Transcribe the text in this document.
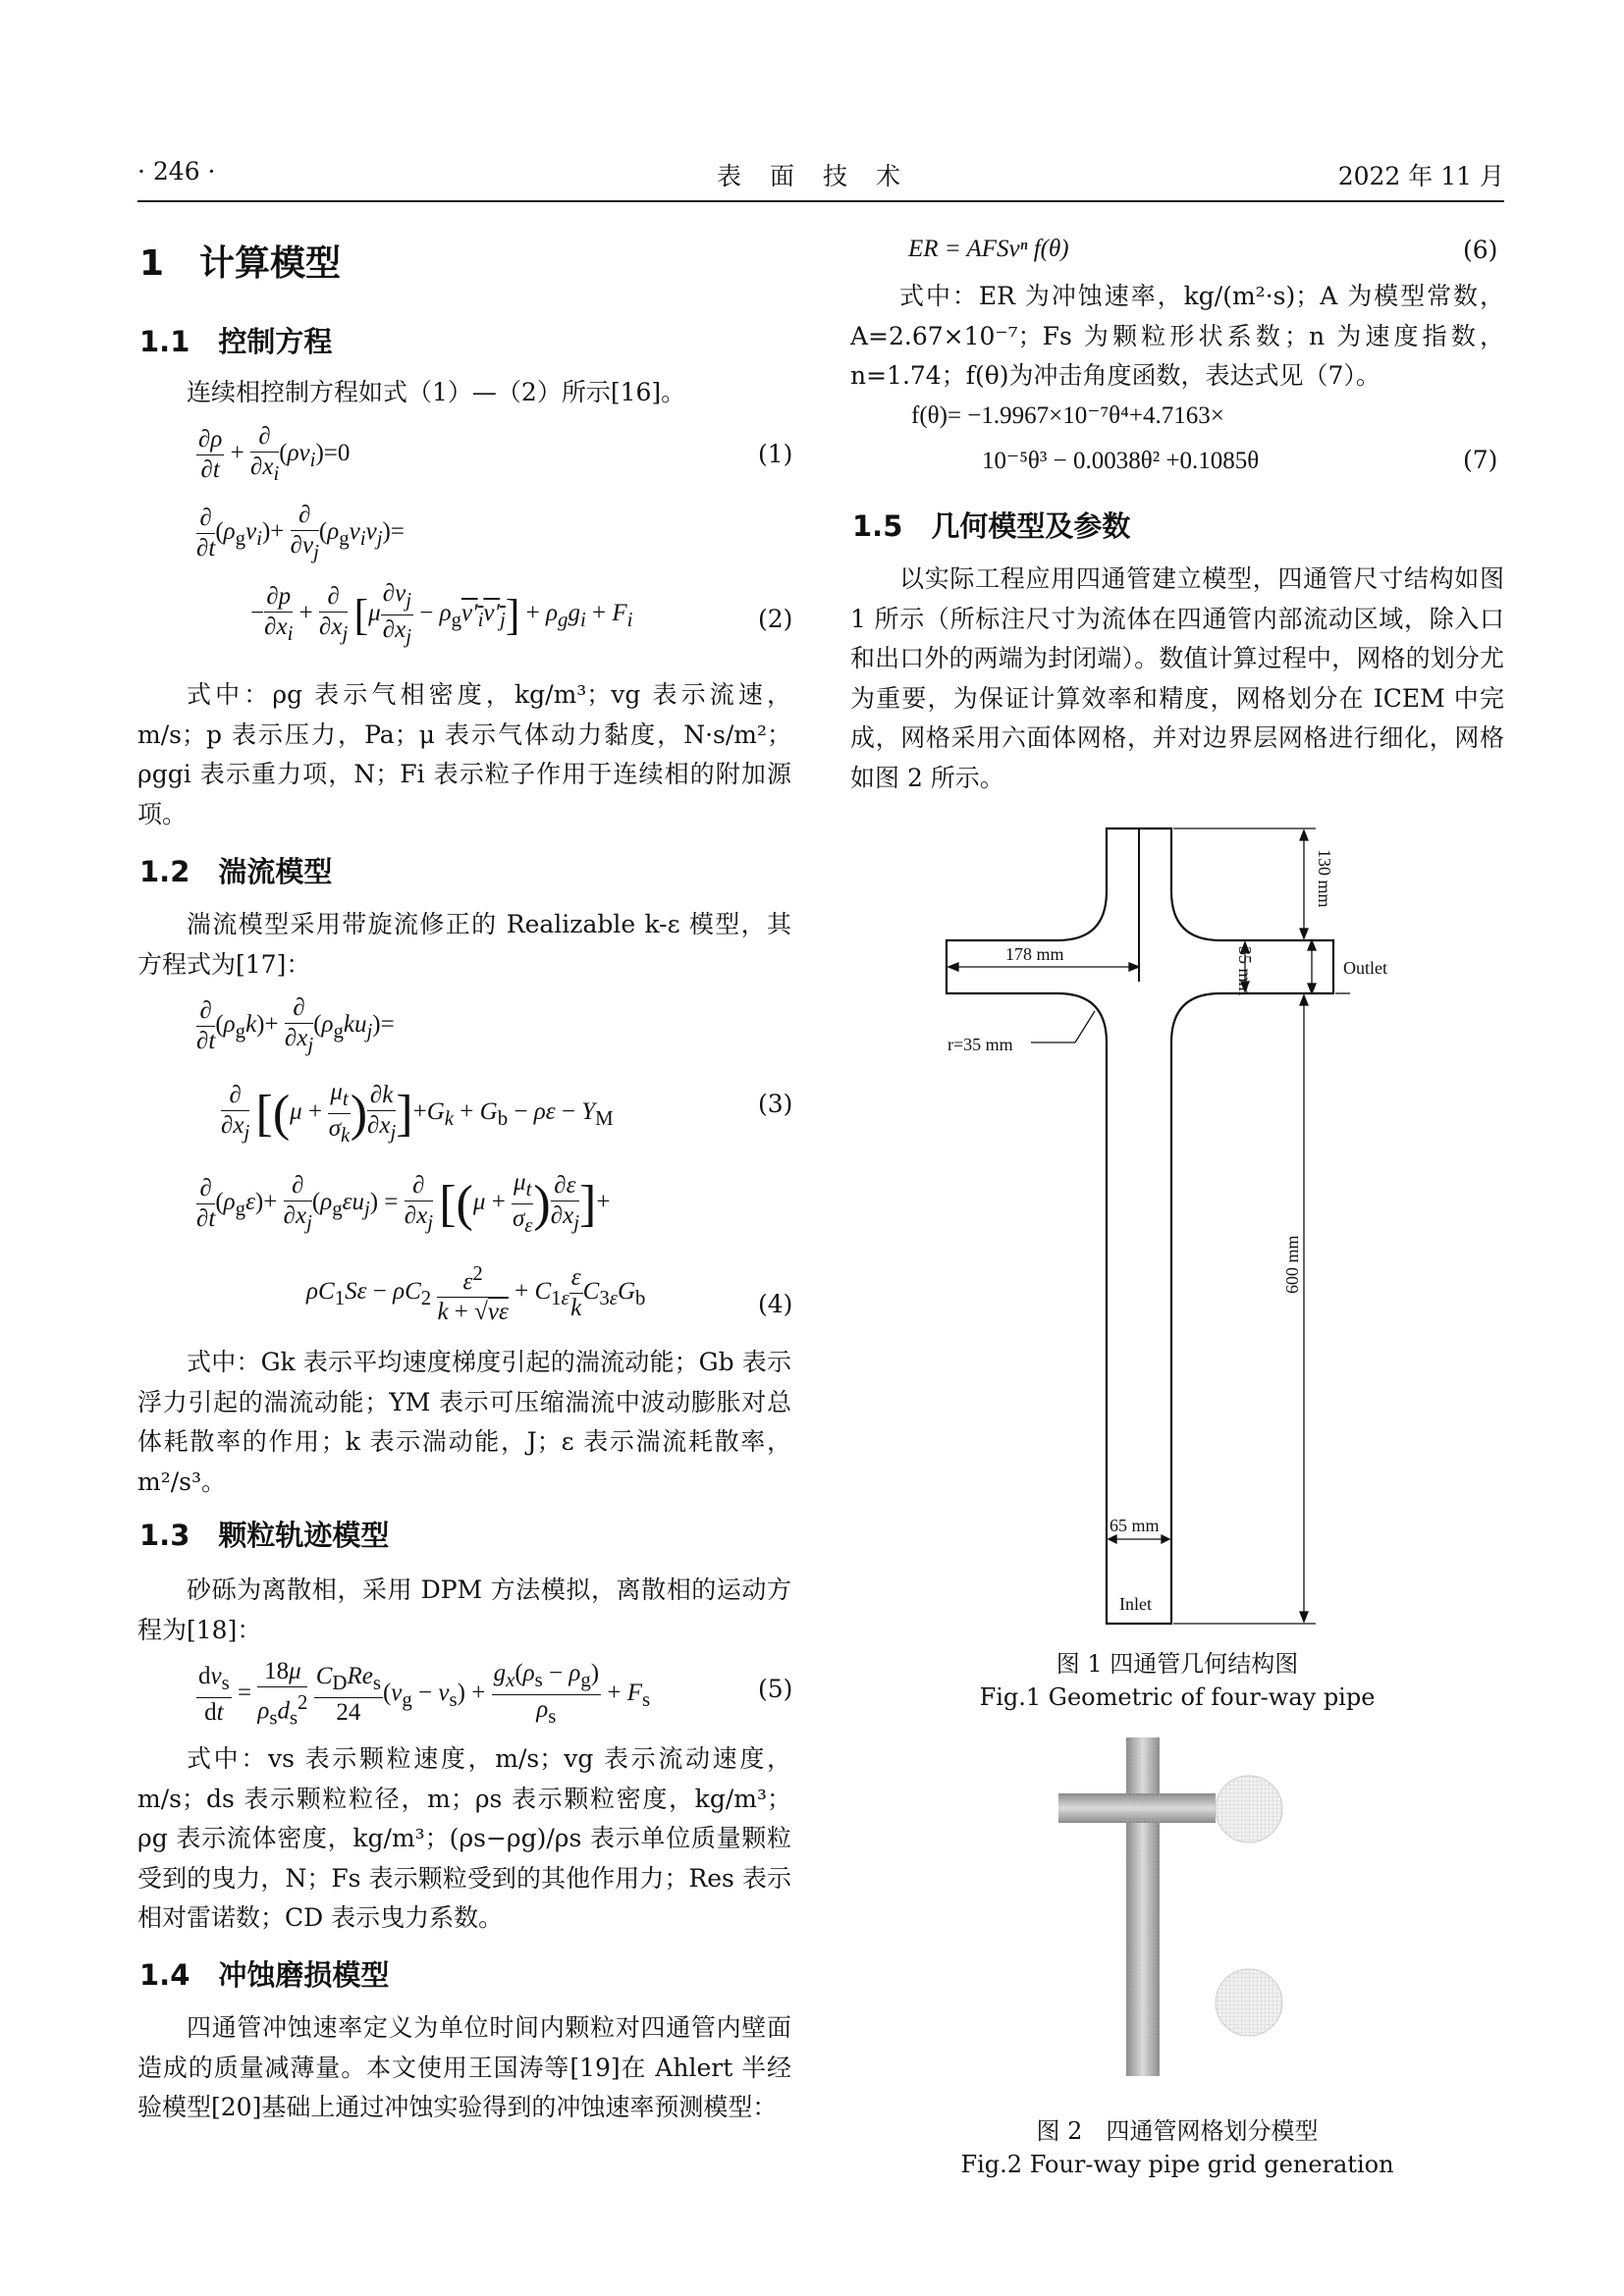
· 246 ·	表　面　技　术	2022 年 11 月
1　计算模型
1.1　控制方程
连续相控制方程如式（1）—（2）所示[16]。
$\frac{\partial\rho}{\partial t} + \frac{\partial}{\partial x_i} (\rho v_i)=0$	(1)
$\frac{\partial}{\partial t} (\rho_gv_i)+ \frac{\partial}{\partial v_j} (\rho_gv_iv_j)=$
− $\frac{\partial p}{\partial x_i} + \frac{\partial}{\partial x_j} [\mu \frac{\partial v_j}{\partial x_j} - \rho_gv'_iv'_j] + \rho_gg_i + F_i$	(2)
式中：ρg 表示气相密度，kg/m³；vg 表示流速，m/s；p 表示压力，Pa；μ 表示气体动力黏度，N·s/m²；ρggi 表示重力项，N；Fi 表示粒子作用于连续相的附加源项。
1.2　湍流模型
湍流模型采用带旋流修正的 Realizable k-ε 模型，其方程式为[17]：
$\frac{\partial}{\partial t} (\rho_gk)+ \frac{\partial}{\partial x_j} (\rho_gku_j)=$
$\frac{\partial}{\partial x_j} [(\mu + \frac{\mu_t}{\sigma_k}$ ) $\frac{\partial k}{\partial x_j} ]+G_k + G_b - \rho\varepsilon - Y_M$
(3)
$\frac{\partial}{\partial t} (\rho_g\varepsilon)+ \frac{\partial}{\partial x_j} (\rho_g\varepsilon u_j) = \frac{\partial}{\partial x_j} [(\mu + \frac{\mu_t}{\sigma_\varepsilon}$ ) $\frac{\partial\varepsilon}{\partial x_j}$ ]+
$\rho C_1S\varepsilon - \rho C_2 \frac{\varepsilon^2}{k + √v\varepsilon} + C_{1\varepsilon} \frac{\varepsilon}{k} C_{3\varepsilon}G_b$	(4)
式中：Gk 表示平均速度梯度引起的湍流动能；Gb 表示浮力引起的湍流动能；YM 表示可压缩湍流中波动膨胀对总体耗散率的作用；k 表示湍动能，J；ε 表示湍流耗散率，m²/s³。
1.3　颗粒轨迹模型
砂砾为离散相，采用 DPM 方法模拟，离散相的运动方程为[18]：
$\frac{dv_s}{dt} = \frac{18\mu}{\rho_sd_s^2}$
$\frac{C_DRe_s}{24} (v_g - v_s) + \frac{g_x(\rho_s - \rho_g)}{\rho_s} + F_s$	(5)
式中：vs 表示颗粒速度，m/s；vg 表示流动速度，m/s；ds 表示颗粒粒径，m；ρs 表示颗粒密度，kg/m³；ρg 表示流体密度，kg/m³；(ρs−ρg)/ρs 表示单位质量颗粒受到的曳力，N；Fs 表示颗粒受到的其他作用力；Res 表示相对雷诺数；CD 表示曳力系数。
1.4　冲蚀磨损模型
四通管冲蚀速率定义为单位时间内颗粒对四通管内壁面造成的质量减薄量。本文使用王国涛等[19]在 Ahlert 半经验模型[20]基础上通过冲蚀实验得到的冲蚀速率预测模型：
ER = AFSvⁿ f(θ)	(6)
式中：ER 为冲蚀速率，kg/(m²·s)；A 为模型常数，A=2.67×10⁻⁷；Fs 为颗粒形状系数；n 为速度指数，n=1.74；f(θ)为冲击角度函数，表达式见（7）。
f(θ)= −1.9967×10⁻⁷θ⁴+4.7163×
10⁻⁵θ³ − 0.0038θ² +0.1085θ	(7)
1.5　几何模型及参数
以实际工程应用四通管建立模型，四通管尺寸结构如图 1 所示（所标注尺寸为流体在四通管内部流动区域，除入口和出口外的两端为封闭端）。数值计算过程中，网格的划分尤为重要，为保证计算效率和精度，网格划分在 ICEM 中完成，网格采用六面体网格，并对边界层网格进行细化，网格如图 2 所示。
178 mm
130 mm
35 mm	Outlet
r=35 mm
600 mm
65 mm
Inlet
图 1 四通管几何结构图
Fig.1 Geometric of four-way pipe
图 2　四通管网格划分模型
Fig.2 Four-way pipe grid generation
